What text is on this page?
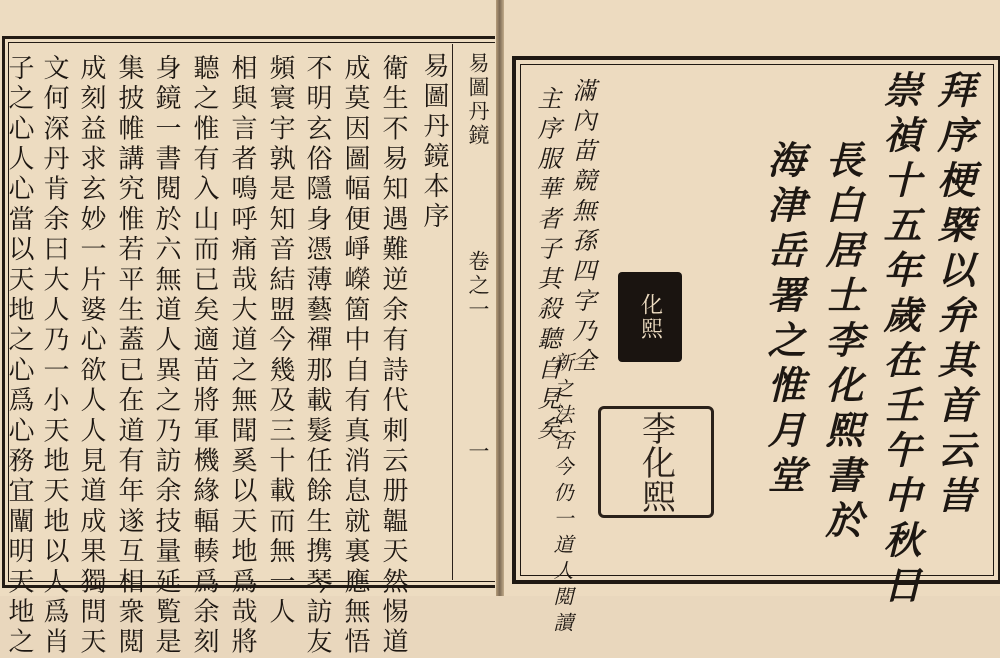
易圖丹鏡
卷之一
一
易圖丹鏡本序
衛生不易知遇難逆余有詩代刺云册韞天然惕道
成莫因圖幅便崢嶸箇中自有真消息就裏應無悟
不明玄俗隱身憑薄藝禪那載髮任餘生携琴訪友
頻寰宇孰是知音結盟今幾及三十載而無一人
相與言者鳴呼痛哉大道之無聞奚以天地爲哉將
聽之惟有入山而已矣適苗將軍機緣輻輳爲余刻
身鏡一書閱於六無道人異之乃訪余技量延覧是
集披帷講究惟若平生蓋已在道有年遂互相衆閲
成刻益求玄妙一片婆心欲人人見道成果獨問天
文何深丹肯余曰大人乃一小天地天地以人爲肖
子之心人心當以天地之心爲心務宜闡明天地之
　　　	拜序梗槩以弁其首云旹
崇禎十五年歲在壬午中秋日
長白居士李化熙書於
海津岳署之惟月堂
滿內苗競無孫四字乃全
主序服華者子其殺聽自見矣
新之法否今仍一道人閲讀
化熙
李化熙
